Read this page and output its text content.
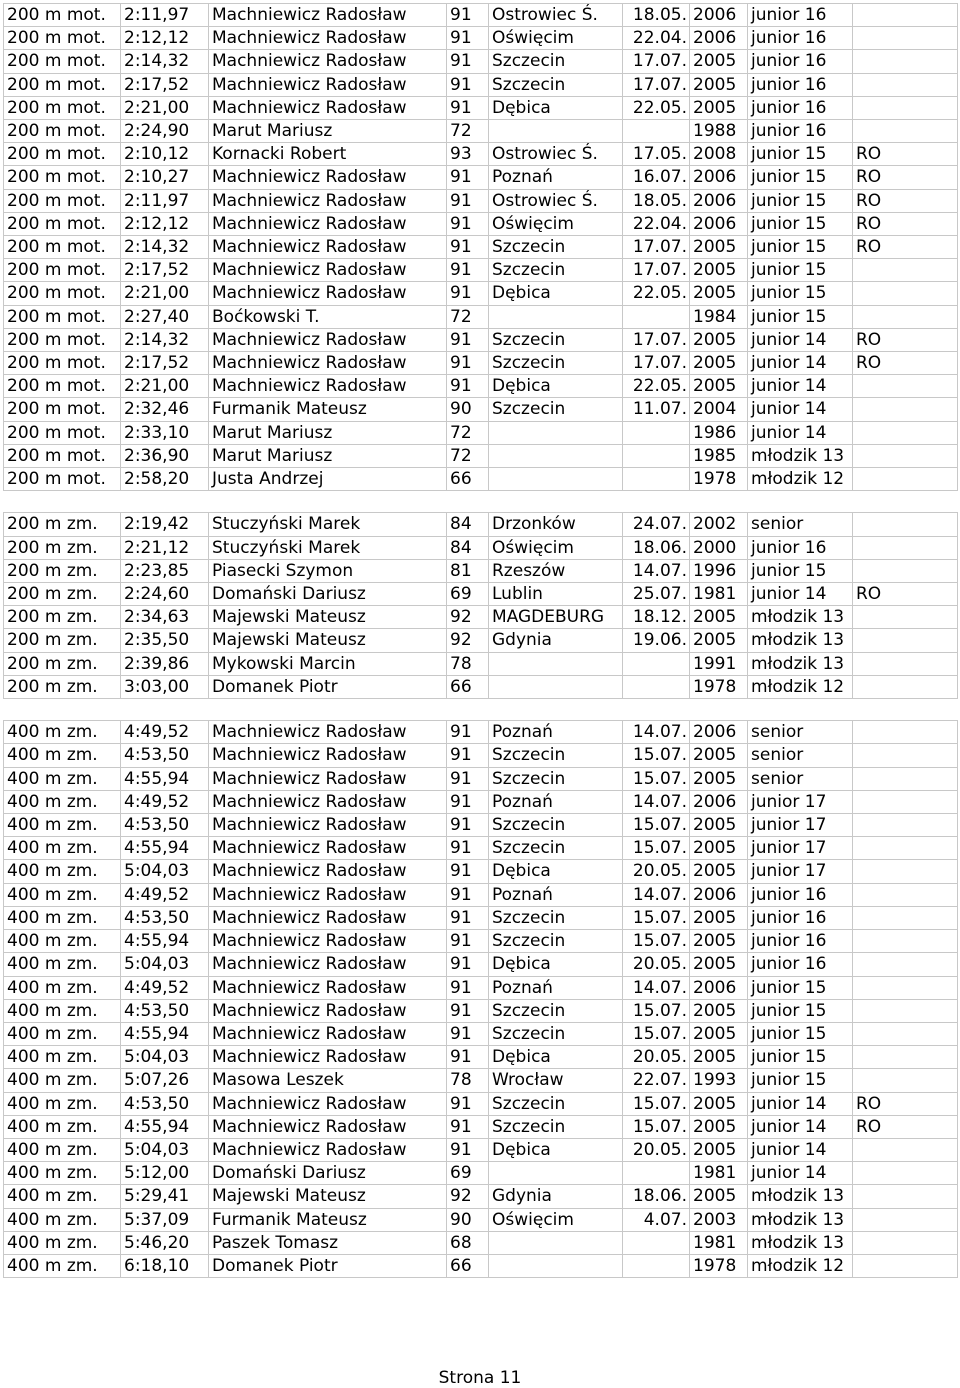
200 m mot.	2:11,97	Machniewicz Radosław	91	Ostrowiec Ś.	18.05.	2006	junior 16	
200 m mot.	2:12,12	Machniewicz Radosław	91	Oświęcim	22.04.	2006	junior 16	
200 m mot.	2:14,32	Machniewicz Radosław	91	Szczecin	17.07.	2005	junior 16	
200 m mot.	2:17,52	Machniewicz Radosław	91	Szczecin	17.07.	2005	junior 16	
200 m mot.	2:21,00	Machniewicz Radosław	91	Dębica	22.05.	2005	junior 16	
200 m mot.	2:24,90	Marut Mariusz	72			1988	junior 16	
200 m mot.	2:10,12	Kornacki Robert	93	Ostrowiec Ś.	17.05.	2008	junior 15	RO
200 m mot.	2:10,27	Machniewicz Radosław	91	Poznań	16.07.	2006	junior 15	RO
200 m mot.	2:11,97	Machniewicz Radosław	91	Ostrowiec Ś.	18.05.	2006	junior 15	RO
200 m mot.	2:12,12	Machniewicz Radosław	91	Oświęcim	22.04.	2006	junior 15	RO
200 m mot.	2:14,32	Machniewicz Radosław	91	Szczecin	17.07.	2005	junior 15	RO
200 m mot.	2:17,52	Machniewicz Radosław	91	Szczecin	17.07.	2005	junior 15	
200 m mot.	2:21,00	Machniewicz Radosław	91	Dębica	22.05.	2005	junior 15	
200 m mot.	2:27,40	Boćkowski T.	72			1984	junior 15	
200 m mot.	2:14,32	Machniewicz Radosław	91	Szczecin	17.07.	2005	junior 14	RO
200 m mot.	2:17,52	Machniewicz Radosław	91	Szczecin	17.07.	2005	junior 14	RO
200 m mot.	2:21,00	Machniewicz Radosław	91	Dębica	22.05.	2005	junior 14	
200 m mot.	2:32,46	Furmanik Mateusz	90	Szczecin	11.07.	2004	junior 14	
200 m mot.	2:33,10	Marut Mariusz	72			1986	junior 14	
200 m mot.	2:36,90	Marut Mariusz	72			1985	młodzik 13	
200 m mot.	2:58,20	Justa Andrzej	66			1978	młodzik 12	

200 m zm.	2:19,42	Stuczyński Marek	84	Drzonków	24.07.	2002	senior	
200 m zm.	2:21,12	Stuczyński Marek	84	Oświęcim	18.06.	2000	junior 16	
200 m zm.	2:23,85	Piasecki Szymon	81	Rzeszów	14.07.	1996	junior 15	
200 m zm.	2:24,60	Domański Dariusz	69	Lublin	25.07.	1981	junior 14	RO
200 m zm.	2:34,63	Majewski Mateusz	92	MAGDEBURG	18.12.	2005	młodzik 13	
200 m zm.	2:35,50	Majewski Mateusz	92	Gdynia	19.06.	2005	młodzik 13	
200 m zm.	2:39,86	Mykowski Marcin	78			1991	młodzik 13	
200 m zm.	3:03,00	Domanek Piotr	66			1978	młodzik 12	

400 m zm.	4:49,52	Machniewicz Radosław	91	Poznań	14.07.	2006	senior	
400 m zm.	4:53,50	Machniewicz Radosław	91	Szczecin	15.07.	2005	senior	
400 m zm.	4:55,94	Machniewicz Radosław	91	Szczecin	15.07.	2005	senior	
400 m zm.	4:49,52	Machniewicz Radosław	91	Poznań	14.07.	2006	junior 17	
400 m zm.	4:53,50	Machniewicz Radosław	91	Szczecin	15.07.	2005	junior 17	
400 m zm.	4:55,94	Machniewicz Radosław	91	Szczecin	15.07.	2005	junior 17	
400 m zm.	5:04,03	Machniewicz Radosław	91	Dębica	20.05.	2005	junior 17	
400 m zm.	4:49,52	Machniewicz Radosław	91	Poznań	14.07.	2006	junior 16	
400 m zm.	4:53,50	Machniewicz Radosław	91	Szczecin	15.07.	2005	junior 16	
400 m zm.	4:55,94	Machniewicz Radosław	91	Szczecin	15.07.	2005	junior 16	
400 m zm.	5:04,03	Machniewicz Radosław	91	Dębica	20.05.	2005	junior 16	
400 m zm.	4:49,52	Machniewicz Radosław	91	Poznań	14.07.	2006	junior 15	
400 m zm.	4:53,50	Machniewicz Radosław	91	Szczecin	15.07.	2005	junior 15	
400 m zm.	4:55,94	Machniewicz Radosław	91	Szczecin	15.07.	2005	junior 15	
400 m zm.	5:04,03	Machniewicz Radosław	91	Dębica	20.05.	2005	junior 15	
400 m zm.	5:07,26	Masowa Leszek	78	Wrocław	22.07.	1993	junior 15	
400 m zm.	4:53,50	Machniewicz Radosław	91	Szczecin	15.07.	2005	junior 14	RO
400 m zm.	4:55,94	Machniewicz Radosław	91	Szczecin	15.07.	2005	junior 14	RO
400 m zm.	5:04,03	Machniewicz Radosław	91	Dębica	20.05.	2005	junior 14	
400 m zm.	5:12,00	Domański Dariusz	69			1981	junior 14	
400 m zm.	5:29,41	Majewski Mateusz	92	Gdynia	18.06.	2005	młodzik 13	
400 m zm.	5:37,09	Furmanik Mateusz	90	Oświęcim	4.07.	2003	młodzik 13	
400 m zm.	5:46,20	Paszek Tomasz	68			1981	młodzik 13	
400 m zm.	6:18,10	Domanek Piotr	66			1978	młodzik 12	
Strona 11
